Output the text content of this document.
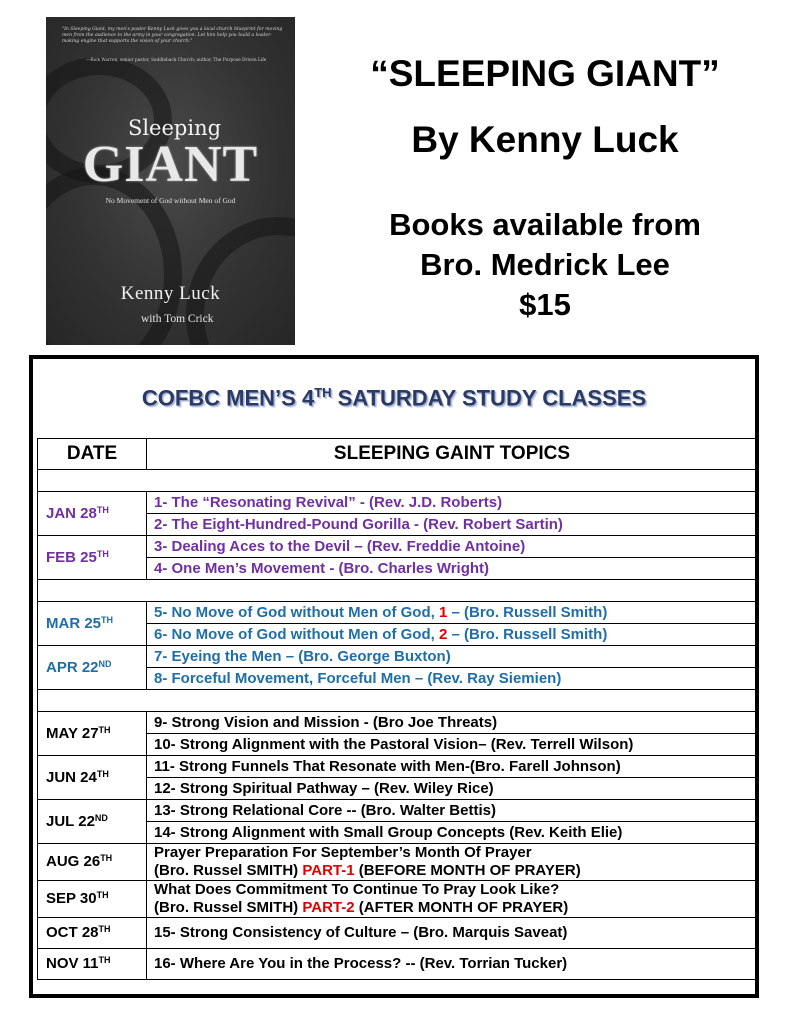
"In Sleeping Giant, my men's pastor Kenny Luck gives you a local church blueprint for moving men from the audience to the army in your congregation. Let him help you build a leader-making engine that supports the vision of your church."
—Rick Warren, senior pastor, Saddleback Church; author, The Purpose Driven Life
Sleeping
GIANT
No Movement of God without Men of God
Kenny Luck
with Tom Crick
“SLEEPING GIANT”
By Kenny Luck
Books available from
Bro. Medrick Lee
$15
COFBC MEN’S 4TH SATURDAY STUDY CLASSES
DATE	SLEEPING GAINT TOPICS

JAN 28TH	1- The “Resonating Revival” - (Rev. J.D. Roberts)
	2- The Eight-Hundred-Pound Gorilla - (Rev. Robert Sartin)
FEB 25TH	3- Dealing Aces to the Devil – (Rev. Freddie Antoine)
	4- One Men’s Movement - (Bro. Charles Wright)

MAR 25TH	5- No Move of God without Men of God, 1 – (Bro. Russell Smith)
	6- No Move of God without Men of God, 2 – (Bro. Russell Smith)
APR 22ND	7- Eyeing the Men – (Bro. George Buxton)
	8- Forceful Movement, Forceful Men – (Rev. Ray Siemien)

MAY 27TH	9- Strong Vision and Mission - (Bro Joe Threats)
	10- Strong Alignment with the Pastoral Vision– (Rev. Terrell Wilson)
JUN 24TH	11- Strong Funnels That Resonate with Men-(Bro. Farell Johnson)
	12- Strong Spiritual Pathway – (Rev. Wiley Rice)
JUL 22ND	13- Strong Relational Core -- (Bro. Walter Bettis)
	14- Strong Alignment with Small Group Concepts (Rev. Keith Elie)
AUG 26TH	Prayer Preparation For September’s Month Of Prayer
(Bro. Russel SMITH) PART-1 (BEFORE MONTH OF PRAYER)

SEP 30TH	What Does Commitment To Continue To Pray Look Like?
(Bro. Russel SMITH) PART-2 (AFTER MONTH OF PRAYER)

OCT 28TH	15- Strong Consistency of Culture – (Bro. Marquis Saveat)
NOV 11TH	16- Where Are You in the Process? -- (Rev. Torrian Tucker)
